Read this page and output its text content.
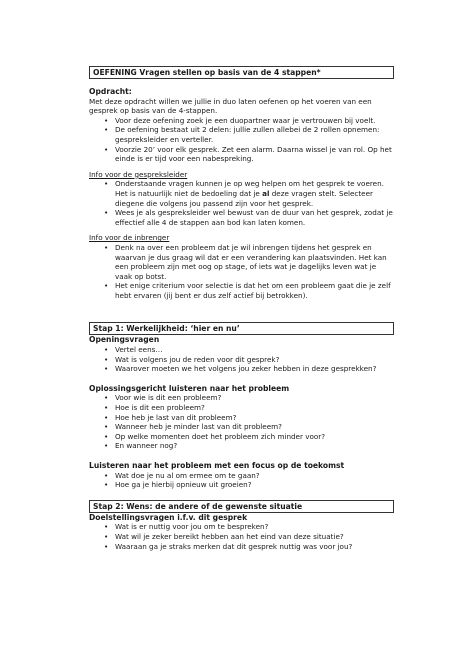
OEFENING Vragen stellen op basis van de 4 stappen*
Opdracht:
Met deze opdracht willen we jullie in duo laten oefenen op het voeren van een gesprek op basis van de 4-stappen.
• Voor deze oefening zoek je een duopartner waar je vertrouwen bij voelt.
• De oefening bestaat uit 2 delen: jullie zullen allebei de 2 rollen opnemen: gespreksleider en verteller.
• Voorzie 20’ voor elk gesprek. Zet een alarm. Daarna wissel je van rol. Op het einde is er tijd voor een nabespreking.
Info voor de gespreksleider
• Onderstaande vragen kunnen je op weg helpen om het gesprek te voeren. Het is natuurlijk niet de bedoeling dat je al deze vragen stelt. Selecteer diegene die volgens jou passend zijn voor het gesprek.
• Wees je als gespreksleider wel bewust van de duur van het gesprek, zodat je effectief alle 4 de stappen aan bod kan laten komen.
Info voor de inbrenger
• Denk na over een probleem dat je wil inbrengen tijdens het gesprek en waarvan je dus graag wil dat er een verandering kan plaatsvinden. Het kan een probleem zijn met oog op stage, of iets wat je dagelijks leven wat je vaak op botst.
• Het enige criterium voor selectie is dat het om een probleem gaat die je zelf hebt ervaren (jij bent er dus zelf actief bij betrokken).
Stap 1: Werkelijkheid: ‘hier en nu’
Openingsvragen
• Vertel eens…
• Wat is volgens jou de reden voor dit gesprek?
• Waarover moeten we het volgens jou zeker hebben in deze gesprekken?
Oplossingsgericht luisteren naar het probleem
• Voor wie is dit een probleem?
• Hoe is dit een probleem?
• Hoe heb je last van dit probleem?
• Wanneer heb je minder last van dit probleem?
• Op welke momenten doet het probleem zich minder voor?
• En wanneer nog?
Luisteren naar het probleem met een focus op de toekomst
• Wat doe je nu al om ermee om te gaan?
• Hoe ga je hierbij opnieuw uit groeien?
Stap 2: Wens: de andere of de gewenste situatie
Doelstellingsvragen i.f.v. dit gesprek
• Wat is er nuttig voor jou om te bespreken?
• Wat wil je zeker bereikt hebben aan het eind van deze situatie?
• Waaraan ga je straks merken dat dit gesprek nuttig was voor jou?
